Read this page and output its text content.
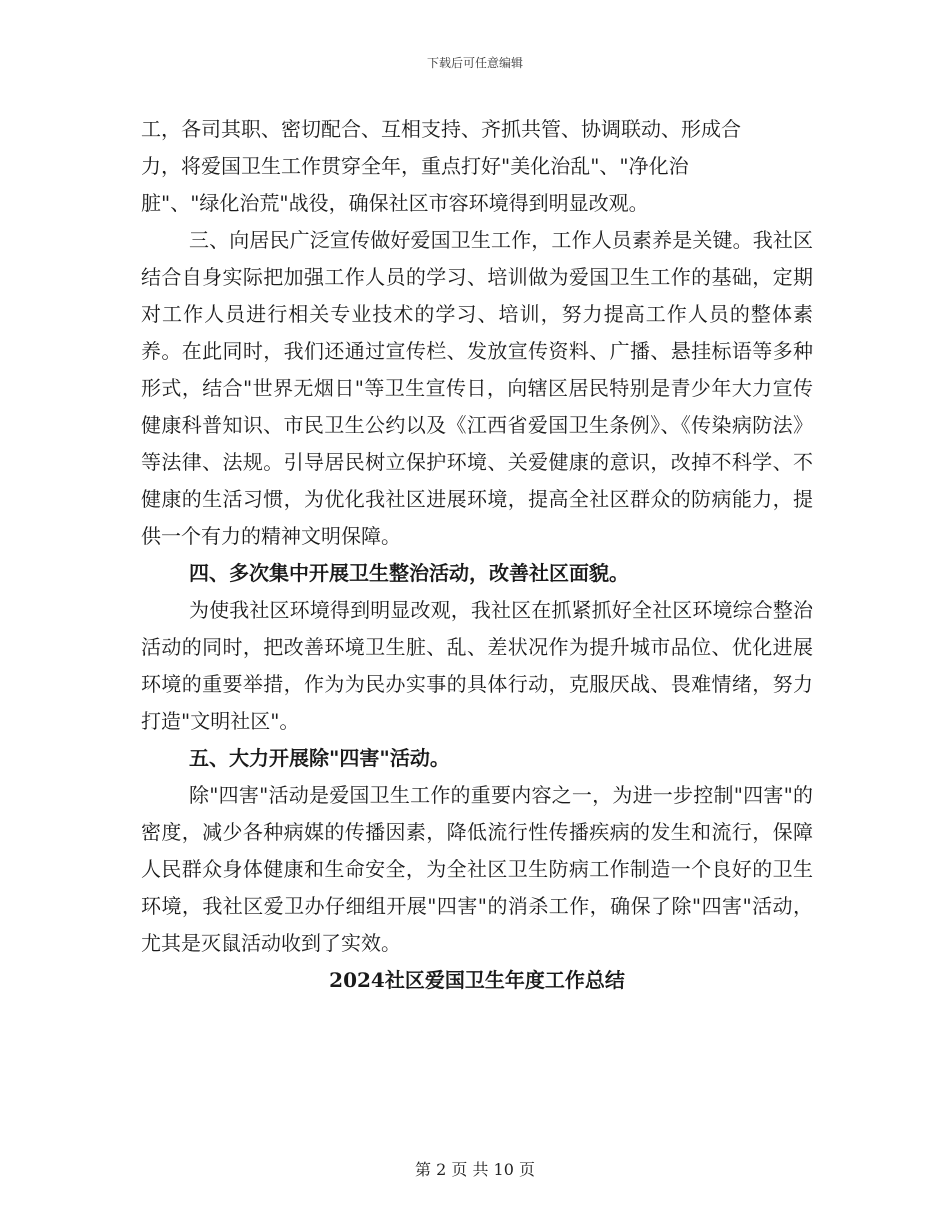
下载后可任意编辑

工，各司其职、密切配合、互相支持、齐抓共管、协调联动、形成合

力，将爱国卫生工作贯穿全年，重点打好"美化治乱"、"净化治

脏"、"绿化治荒"战役，确保社区市容环境得到明显改观。

三、向居民广泛宣传做好爱国卫生工作，工作人员素养是关键。我社区结合自身实际把加强工作人员的学习、培训做为爱国卫生工作的基础，定期对工作人员进行相关专业技术的学习、培训，努力提高工作人员的整体素养。在此同时，我们还通过宣传栏、发放宣传资料、广播、悬挂标语等多种形式，结合"世界无烟日"等卫生宣传日，向辖区居民特别是青少年大力宣传健康科普知识、市民卫生公约以及《江西省爱国卫生条例》、《传染病防法》等法律、法规。引导居民树立保护环境、关爱健康的意识，改掉不科学、不健康的生活习惯，为优化我社区进展环境，提高全社区群众的防病能力，提供一个有力的精神文明保障。

四、多次集中开展卫生整治活动，改善社区面貌。

为使我社区环境得到明显改观，我社区在抓紧抓好全社区环境综合整治活动的同时，把改善环境卫生脏、乱、差状况作为提升城市品位、优化进展环境的重要举措，作为为民办实事的具体行动，克服厌战、畏难情绪，努力打造"文明社区"。

五、大力开展除"四害"活动。

除"四害"活动是爱国卫生工作的重要内容之一，为进一步控制"四害"的密度，减少各种病媒的传播因素，降低流行性传播疾病的发生和流行，保障人民群众身体健康和生命安全，为全社区卫生防病工作制造一个良好的卫生环境，我社区爱卫办仔细组开展"四害"的消杀工作，确保了除"四害"活动，尤其是灭鼠活动收到了实效。

2024社区爱国卫生年度工作总结

第 2 页 共 10 页
